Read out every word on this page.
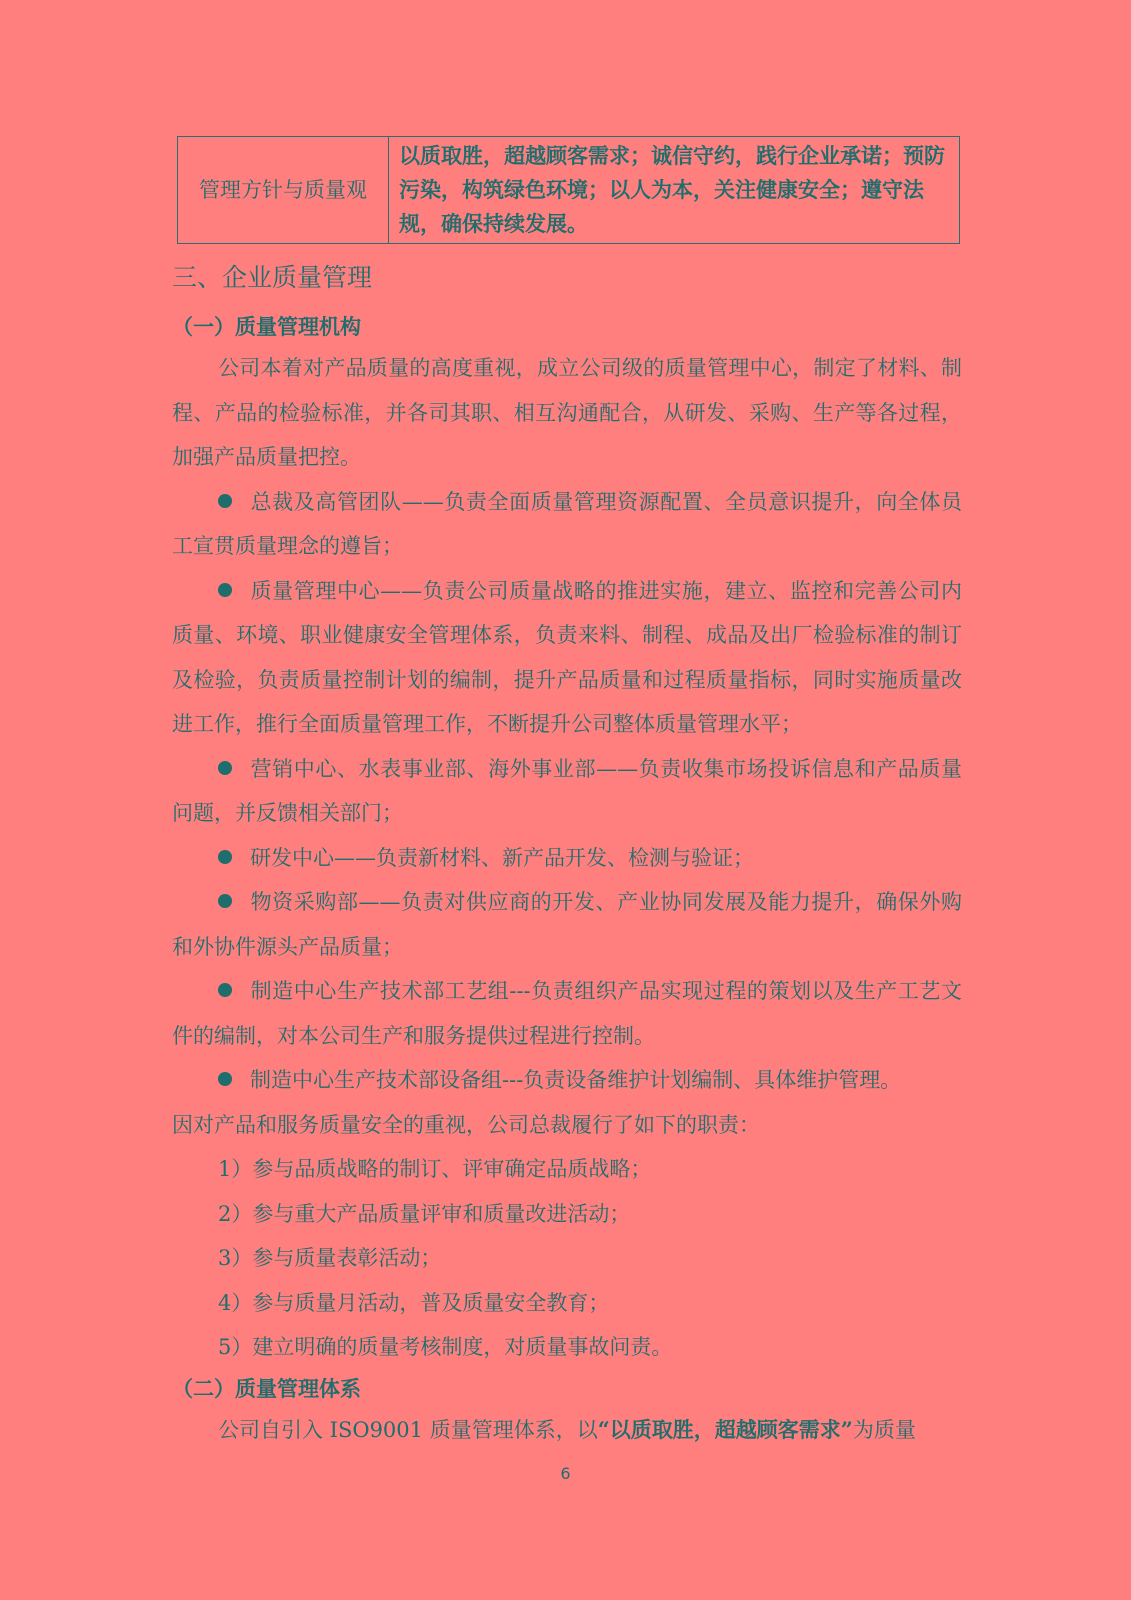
管理方针与质量观	以质取胜，超越顾客需求；诚信守约，践行企业承诺；预防污染，构筑绿色环境；以人为本，关注健康安全；遵守法规，确保持续发展。
三、企业质量管理
（一）质量管理机构

公司本着对产品质量的高度重视，成立公司级的质量管理中心，制定了材料、制程、产品的检验标准，并各司其职、相互沟通配合，从研发、采购、生产等各过程，加强产品质量把控。

总裁及高管团队——负责全面质量管理资源配置、全员意识提升，向全体员工宣贯质量理念的遵旨；

质量管理中心——负责公司质量战略的推进实施，建立、监控和完善公司内质量、环境、职业健康安全管理体系，负责来料、制程、成品及出厂检验标准的制订及检验，负责质量控制计划的编制，提升产品质量和过程质量指标，同时实施质量改进工作，推行全面质量管理工作，不断提升公司整体质量管理水平；

营销中心、水表事业部、海外事业部——负责收集市场投诉信息和产品质量问题，并反馈相关部门；

研发中心——负责新材料、新产品开发、检测与验证；

物资采购部——负责对供应商的开发、产业协同发展及能力提升，确保外购和外协件源头产品质量；

制造中心生产技术部工艺组---负责组织产品实现过程的策划以及生产工艺文件的编制，对本公司生产和服务提供过程进行控制。

制造中心生产技术部设备组---负责设备维护计划编制、具体维护管理。

因对产品和服务质量安全的重视，公司总裁履行了如下的职责：

1）参与品质战略的制订、评审确定品质战略；

2）参与重大产品质量评审和质量改进活动；

3）参与质量表彰活动；

4）参与质量月活动，普及质量安全教育；

5）建立明确的质量考核制度，对质量事故问责。

（二）质量管理体系

公司自引入 ISO9001 质量管理体系，以“以质取胜，超越顾客需求”为质量

6
